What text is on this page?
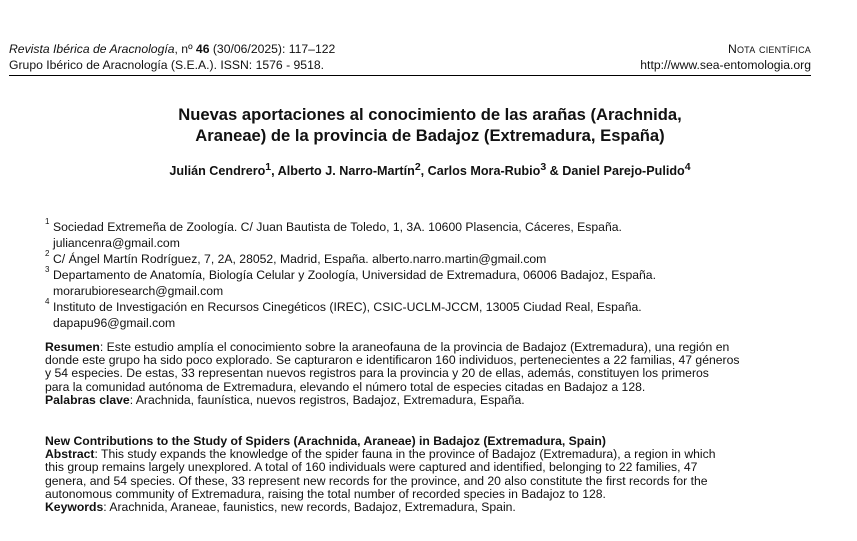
Revista Ibérica de Aracnología, nº 46 (30/06/2025): 117–122	Nota científica
Grupo Ibérico de Aracnología (S.E.A.). ISSN: 1576 - 9518.	http://www.sea-entomologia.org
Nuevas aportaciones al conocimiento de las arañas (Arachnida,
Araneae) de la provincia de Badajoz (Extremadura, España)
Julián Cendrero$^1$, Alberto J. Narro-Martín$^2$, Carlos Mora-Rubio$^3$ & Daniel Parejo-Pulido$^4$
1 Sociedad Extremeña de Zoología. C/ Juan Bautista de Toledo, 1, 3A. 10600 Plasencia, Cáceres, España.
juliancenra@gmail.com
2 C/ Ángel Martín Rodríguez, 7, 2A, 28052, Madrid, España. alberto.narro.martin@gmail.com
3 Departamento de Anatomía, Biología Celular y Zoología, Universidad de Extremadura, 06006 Badajoz, España.
morarubioresearch@gmail.com
4 Instituto de Investigación en Recursos Cinegéticos (IREC), CSIC-UCLM-JCCM, 13005 Ciudad Real, España.
dapapu96@gmail.com
Resumen: Este estudio amplía el conocimiento sobre la araneofauna de la provincia de Badajoz (Extremadura), una región en
donde este grupo ha sido poco explorado. Se capturaron e identificaron 160 individuos, pertenecientes a 22 familias, 47 géneros
y 54 especies. De estas, 33 representan nuevos registros para la provincia y 20 de ellas, además, constituyen los primeros
para la comunidad autónoma de Extremadura, elevando el número total de especies citadas en Badajoz a 128.
Palabras clave: Arachnida, faunística, nuevos registros, Badajoz, Extremadura, España.
New Contributions to the Study of Spiders (Arachnida, Araneae) in Badajoz (Extremadura, Spain)
Abstract: This study expands the knowledge of the spider fauna in the province of Badajoz (Extremadura), a region in which
this group remains largely unexplored. A total of 160 individuals were captured and identified, belonging to 22 families, 47
genera, and 54 species. Of these, 33 represent new records for the province, and 20 also constitute the first records for the
autonomous community of Extremadura, raising the total number of recorded species in Badajoz to 128.
Keywords: Arachnida, Araneae, faunistics, new records, Badajoz, Extremadura, Spain.
